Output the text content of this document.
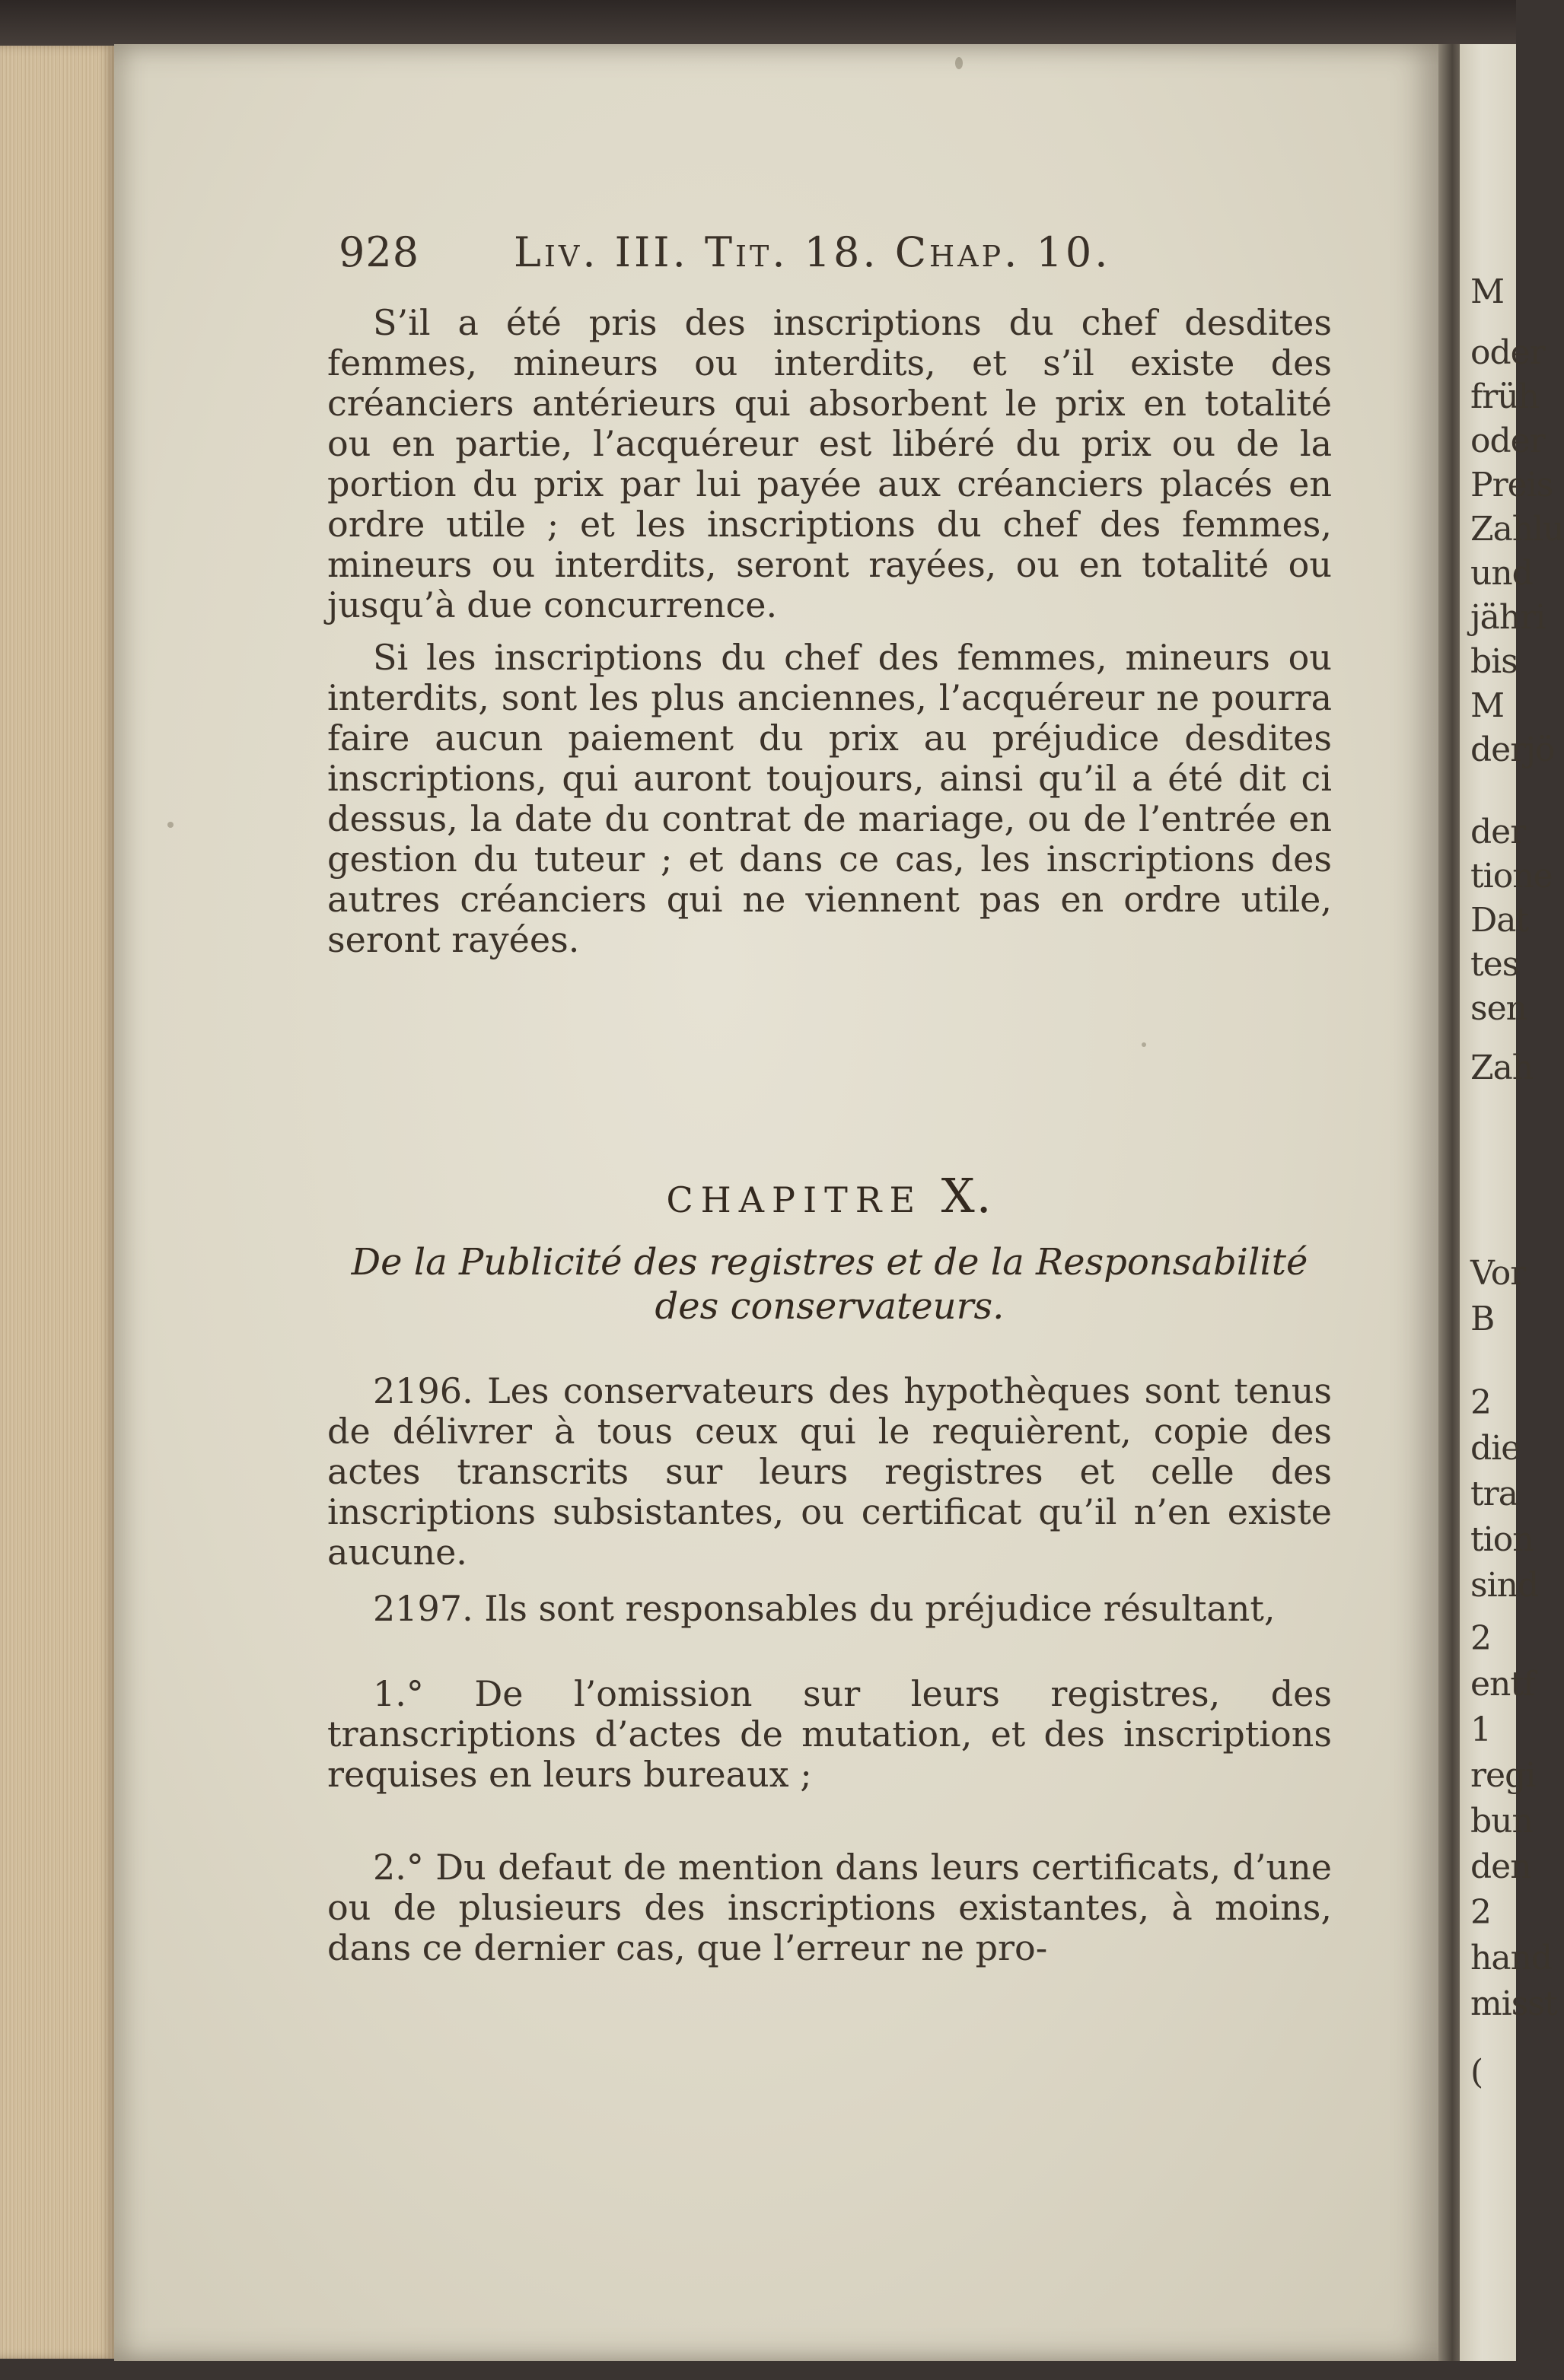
M
oder
früh
oder
Preis
Zahlu
und
jähri
bis
M
derjö
der
tione
Dat
tes
sen
Zah
Vor
B
2
die
tra
tion
sind
2
entf
1
regi
bun
den
2
hand
misst
(
928 Liv. III. Tit. 18. Chap. 10.
S’il a été pris des inscriptions du chef desdites femmes, mineurs ou interdits, et s’il existe des créanciers antérieurs qui absorbent le prix en totalité ou en partie, l’acquéreur est libéré du prix ou de la portion du prix par lui payée aux créanciers placés en ordre utile ; et les inscriptions du chef des femmes, mineurs ou interdits, seront rayées, ou en totalité ou jusqu’à due concurrence.
Si les inscriptions du chef des femmes, mineurs ou interdits, sont les plus anciennes, l’acquéreur ne pourra faire aucun paiement du prix au préjudice desdites inscriptions, qui auront toujours, ainsi qu’il a été dit ci dessus, la date du contrat de mariage, ou de l’entrée en gestion du tuteur ; et dans ce cas, les inscriptions des autres créanciers qui ne viennent pas en ordre utile, seront rayées.
CHAPITRE X.
De la Publicité des registres et de la Responsabilité
des conservateurs.
2196. Les conservateurs des hypothèques sont tenus de délivrer à tous ceux qui le requièrent, copie des actes transcrits sur leurs registres et celle des inscriptions subsistantes, ou certificat qu’il n’en existe aucune.
2197. Ils sont responsables du préjudice résultant,
1.° De l’omission sur leurs registres, des transcriptions d’actes de mutation, et des inscriptions requises en leurs bureaux ;
2.° Du defaut de mention dans leurs certificats, d’une ou de plusieurs des inscriptions existantes, à moins, dans ce dernier cas, que l’erreur ne pro-
